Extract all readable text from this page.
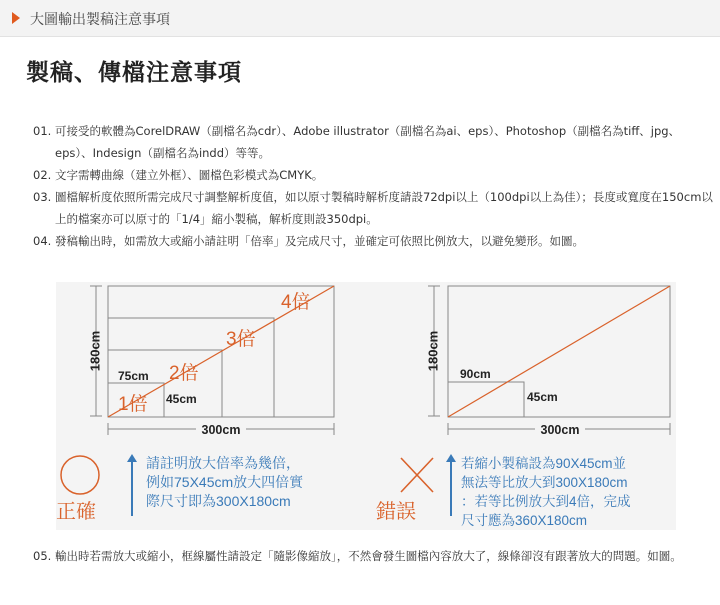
大圖輸出製稿注意事項
製稿、傳檔注意事項
01. 可接受的軟體為CorelDRAW（副檔名為cdr）、Adobe illustrator（副檔名為ai、eps）、Photoshop（副檔名為tiff、jpg、eps）、Indesign（副檔名為indd）等等。
02. 文字需轉曲線（建立外框）、圖檔色彩模式為CMYK。
03. 圖檔解析度依照所需完成尺寸調整解析度值，如以原寸製稿時解析度請設72dpi以上（100dpi以上為佳）；長度或寬度在150cm以上的檔案亦可以原寸的「1/4」縮小製稿，解析度則設350dpi。
04. 發稿輸出時，如需放大或縮小請註明「倍率」及完成尺寸，並確定可依照比例放大，以避免變形。如圖。
180cm
75cm
45cm
1倍
2倍
3倍
4倍
300cm
正確
請註明放大倍率為幾倍，
例如75X45cm放大四倍實
際尺寸即為300X180cm
180cm
90cm
45cm
300cm
錯誤
若縮小製稿設為90X45cm並
無法等比放大到300X180cm
：若等比例放大到4倍，完成
尺寸應為360X180cm
05. 輸出時若需放大或縮小，框線屬性請設定「隨影像縮放」，不然會發生圖檔內容放大了，線條卻沒有跟著放大的問題。如圖。
